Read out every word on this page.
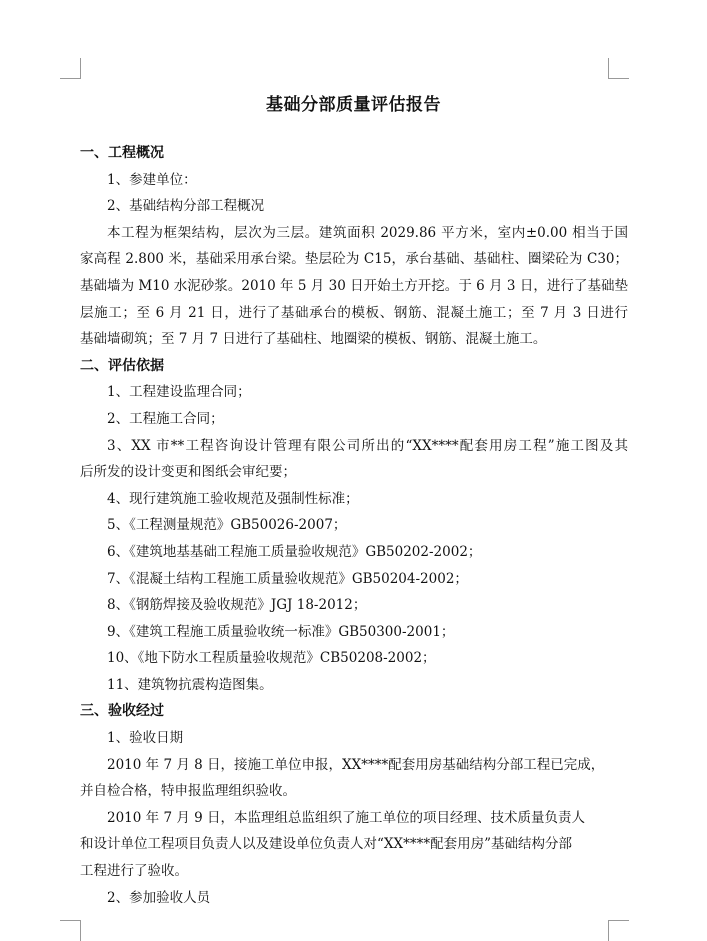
基础分部质量评估报告
一、工程概况
1、参建单位：
2、基础结构分部工程概况
本工程为框架结构，层次为三层。建筑面积 2029.86 平方米，室内±0.00 相当于国
家高程 2.800 米，基础采用承台梁。垫层砼为 C15，承台基础、基础柱、圈梁砼为 C30；
基础墙为 M10 水泥砂浆。2010 年 5 月 30 日开始土方开挖。于 6 月 3 日，进行了基础垫
层施工；至 6 月 21 日，进行了基础承台的模板、钢筋、混凝土施工；至 7 月 3 日进行
基础墙砌筑；至 7 月 7 日进行了基础柱、地圈梁的模板、钢筋、混凝土施工。
二、评估依据
1、工程建设监理合同；
2、工程施工合同；
3、XX 市**工程咨询设计管理有限公司所出的“XX****配套用房工程”施工图及其
后所发的设计变更和图纸会审纪要；
4、现行建筑施工验收规范及强制性标准；
5、《工程测量规范》GB50026-2007；
6、《建筑地基基础工程施工质量验收规范》GB50202-2002；
7、《混凝土结构工程施工质量验收规范》GB50204-2002；
8、《钢筋焊接及验收规范》JGJ 18-2012；
9、《建筑工程施工质量验收统一标准》GB50300-2001；
10、《地下防水工程质量验收规范》CB50208-2002；
11、建筑物抗震构造图集。
三、验收经过
1、验收日期
2010 年 7 月 8 日，接施工单位申报，XX****配套用房基础结构分部工程已完成，
并自检合格，特申报监理组织验收。
2010 年 7 月 9 日，本监理组总监组织了施工单位的项目经理、技术质量负责人
和设计单位工程项目负责人以及建设单位负责人对“XX****配套用房”基础结构分部
工程进行了验收。
2、参加验收人员
